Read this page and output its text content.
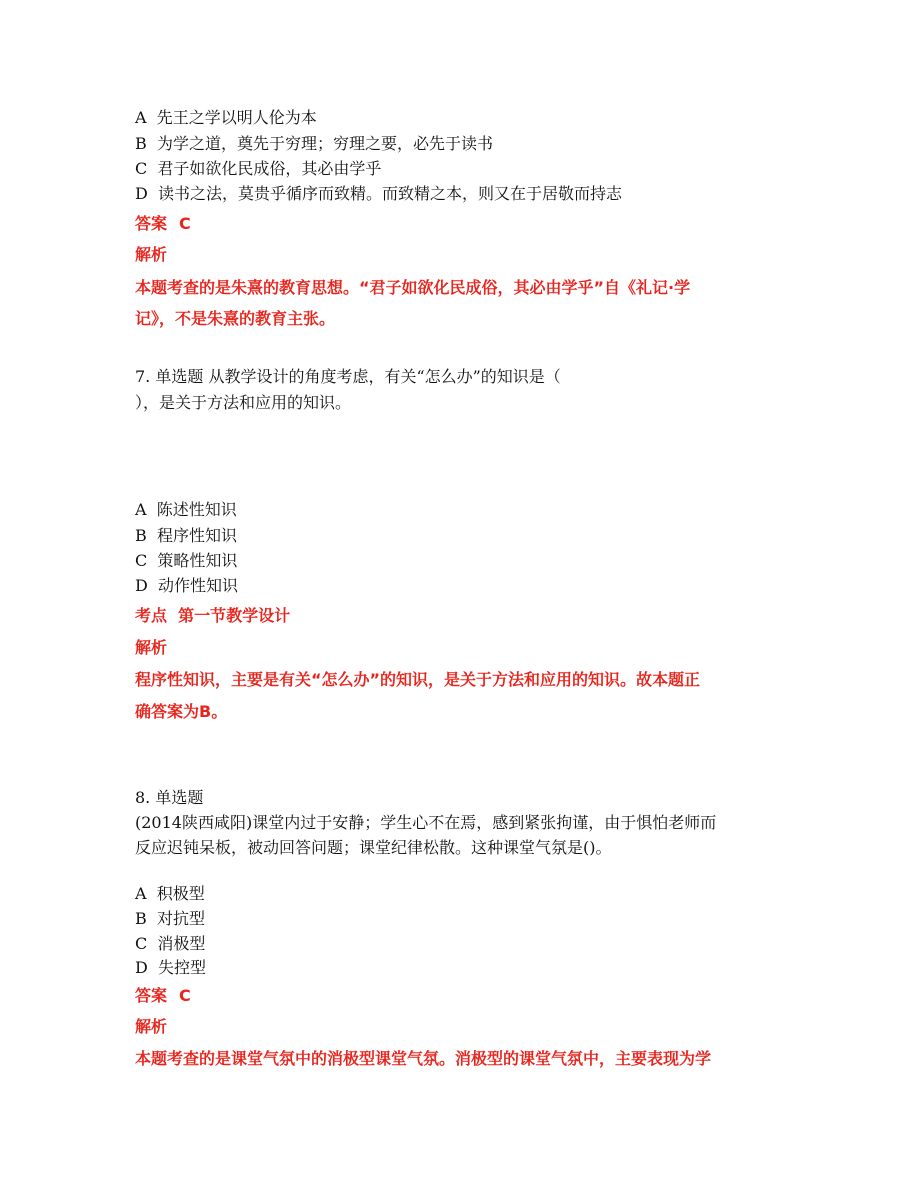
A 先王之学以明人伦为本
B 为学之道，奠先于穷理；穷理之要，必先于读书
C 君子如欲化民成俗，其必由学乎
D 读书之法，莫贵乎循序而致精。而致精之本，则又在于居敬而持志
答案 C
解析
本题考查的是朱熹的教育思想。“君子如欲化民成俗，其必由学乎”自《礼记·学
记》，不是朱熹的教育主张。
7. 单选题 从教学设计的角度考虑，有关“怎么办”的知识是（
），是关于方法和应用的知识。
A 陈述性知识
B 程序性知识
C 策略性知识
D 动作性知识
考点 第一节教学设计
解析
程序性知识，主要是有关“怎么办”的知识，是关于方法和应用的知识。故本题正
确答案为B。
8. 单选题
(2014陕西咸阳)课堂内过于安静；学生心不在焉，感到紧张拘谨，由于惧怕老师而
反应迟钝呆板，被动回答问题；课堂纪律松散。这种课堂气氛是()。
A 积极型
B 对抗型
C 消极型
D 失控型
答案 C
解析
本题考查的是课堂气氛中的消极型课堂气氛。消极型的课堂气氛中，主要表现为学
